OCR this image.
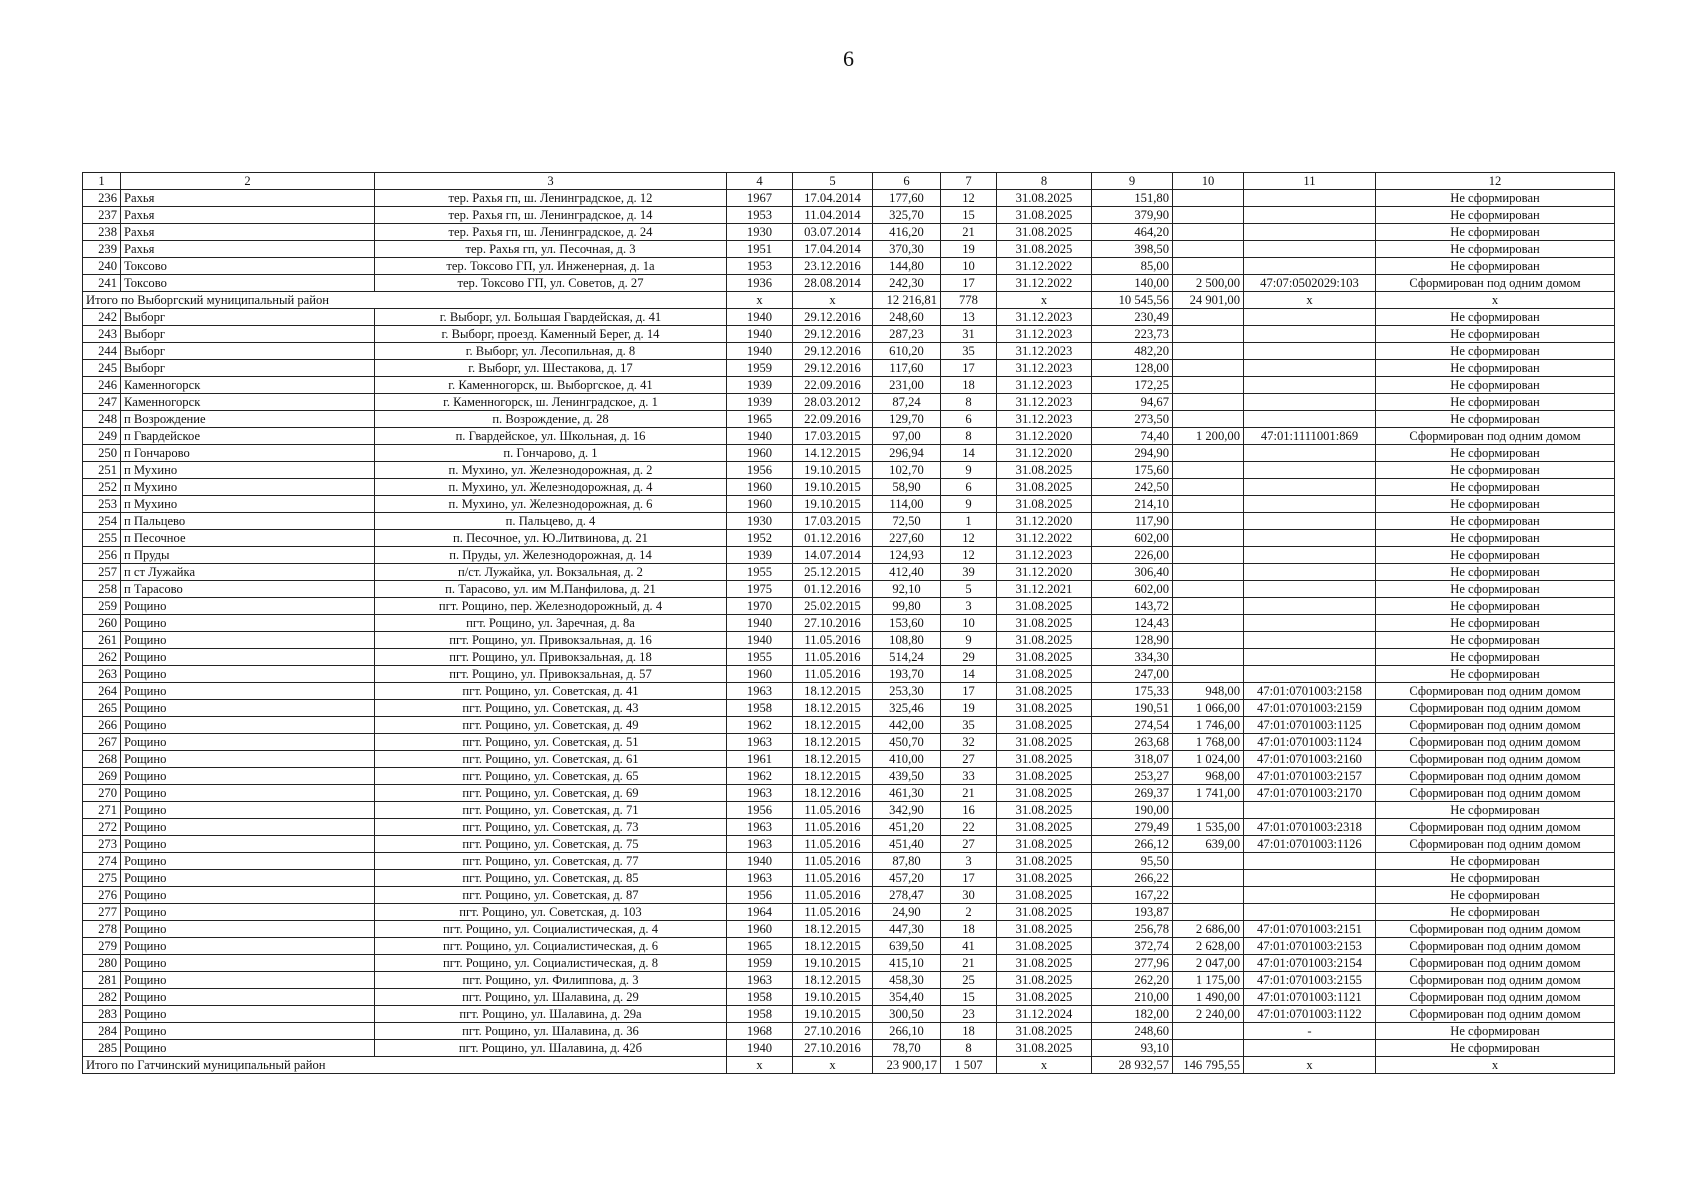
6
1	2	3	4	5	6	7	8	9	10	11	12
236	Рахья	тер. Рахья гп, ш. Ленинградское, д. 12	1967	17.04.2014	177,60	12	31.08.2025	151,80			Не сформирован
237	Рахья	тер. Рахья гп, ш. Ленинградское, д. 14	1953	11.04.2014	325,70	15	31.08.2025	379,90			Не сформирован
238	Рахья	тер. Рахья гп, ш. Ленинградское, д. 24	1930	03.07.2014	416,20	21	31.08.2025	464,20			Не сформирован
239	Рахья	тер. Рахья гп, ул. Песочная, д. 3	1951	17.04.2014	370,30	19	31.08.2025	398,50			Не сформирован
240	Токсово	тер. Токсово ГП, ул. Инженерная, д. 1а	1953	23.12.2016	144,80	10	31.12.2022	85,00			Не сформирован
241	Токсово	тер. Токсово ГП, ул. Советов, д. 27	1936	28.08.2014	242,30	17	31.12.2022	140,00	2 500,00	47:07:0502029:103	Сформирован под одним домом
Итого по Выборгский муниципальный район			x	x	12 216,81	778	x	10 545,56	24 901,00	x	x
242	Выборг	г. Выборг, ул. Большая Гвардейская, д. 41	1940	29.12.2016	248,60	13	31.12.2023	230,49			Не сформирован
243	Выборг	г. Выборг, проезд. Каменный Берег, д. 14	1940	29.12.2016	287,23	31	31.12.2023	223,73			Не сформирован
244	Выборг	г. Выборг, ул. Лесопильная, д. 8	1940	29.12.2016	610,20	35	31.12.2023	482,20			Не сформирован
245	Выборг	г. Выборг, ул. Шестакова, д. 17	1959	29.12.2016	117,60	17	31.12.2023	128,00			Не сформирован
246	Каменногорск	г. Каменногорск, ш. Выборгское, д. 41	1939	22.09.2016	231,00	18	31.12.2023	172,25			Не сформирован
247	Каменногорск	г. Каменногорск, ш. Ленинградское, д. 1	1939	28.03.2012	87,24	8	31.12.2023	94,67			Не сформирован
248	п Возрождение	п. Возрождение, д. 28	1965	22.09.2016	129,70	6	31.12.2023	273,50			Не сформирован
249	п Гвардейское	п. Гвардейское, ул. Школьная, д. 16	1940	17.03.2015	97,00	8	31.12.2020	74,40	1 200,00	47:01:1111001:869	Сформирован под одним домом
250	п Гончарово	п. Гончарово, д. 1	1960	14.12.2015	296,94	14	31.12.2020	294,90			Не сформирован
251	п Мухино	п. Мухино, ул. Железнодорожная, д. 2	1956	19.10.2015	102,70	9	31.08.2025	175,60			Не сформирован
252	п Мухино	п. Мухино, ул. Железнодорожная, д. 4	1960	19.10.2015	58,90	6	31.08.2025	242,50			Не сформирован
253	п Мухино	п. Мухино, ул. Железнодорожная, д. 6	1960	19.10.2015	114,00	9	31.08.2025	214,10			Не сформирован
254	п Пальцево	п. Пальцево, д. 4	1930	17.03.2015	72,50	1	31.12.2020	117,90			Не сформирован
255	п Песочное	п. Песочное, ул. Ю.Литвинова, д. 21	1952	01.12.2016	227,60	12	31.12.2022	602,00			Не сформирован
256	п Пруды	п. Пруды, ул. Железнодорожная, д. 14	1939	14.07.2014	124,93	12	31.12.2023	226,00			Не сформирован
257	п ст Лужайка	п/ст. Лужайка, ул. Вокзальная, д. 2	1955	25.12.2015	412,40	39	31.12.2020	306,40			Не сформирован
258	п Тарасово	п. Тарасово, ул. им М.Панфилова, д. 21	1975	01.12.2016	92,10	5	31.12.2021	602,00			Не сформирован
259	Рощино	пгт. Рощино, пер. Железнодорожный, д. 4	1970	25.02.2015	99,80	3	31.08.2025	143,72			Не сформирован
260	Рощино	пгт. Рощино, ул. Заречная, д. 8а	1940	27.10.2016	153,60	10	31.08.2025	124,43			Не сформирован
261	Рощино	пгт. Рощино, ул. Привокзальная, д. 16	1940	11.05.2016	108,80	9	31.08.2025	128,90			Не сформирован
262	Рощино	пгт. Рощино, ул. Привокзальная, д. 18	1955	11.05.2016	514,24	29	31.08.2025	334,30			Не сформирован
263	Рощино	пгт. Рощино, ул. Привокзальная, д. 57	1960	11.05.2016	193,70	14	31.08.2025	247,00			Не сформирован
264	Рощино	пгт. Рощино, ул. Советская, д. 41	1963	18.12.2015	253,30	17	31.08.2025	175,33	948,00	47:01:0701003:2158	Сформирован под одним домом
265	Рощино	пгт. Рощино, ул. Советская, д. 43	1958	18.12.2015	325,46	19	31.08.2025	190,51	1 066,00	47:01:0701003:2159	Сформирован под одним домом
266	Рощино	пгт. Рощино, ул. Советская, д. 49	1962	18.12.2015	442,00	35	31.08.2025	274,54	1 746,00	47:01:0701003:1125	Сформирован под одним домом
267	Рощино	пгт. Рощино, ул. Советская, д. 51	1963	18.12.2015	450,70	32	31.08.2025	263,68	1 768,00	47:01:0701003:1124	Сформирован под одним домом
268	Рощино	пгт. Рощино, ул. Советская, д. 61	1961	18.12.2015	410,00	27	31.08.2025	318,07	1 024,00	47:01:0701003:2160	Сформирован под одним домом
269	Рощино	пгт. Рощино, ул. Советская, д. 65	1962	18.12.2015	439,50	33	31.08.2025	253,27	968,00	47:01:0701003:2157	Сформирован под одним домом
270	Рощино	пгт. Рощино, ул. Советская, д. 69	1963	18.12.2016	461,30	21	31.08.2025	269,37	1 741,00	47:01:0701003:2170	Сформирован под одним домом
271	Рощино	пгт. Рощино, ул. Советская, д. 71	1956	11.05.2016	342,90	16	31.08.2025	190,00			Не сформирован
272	Рощино	пгт. Рощино, ул. Советская, д. 73	1963	11.05.2016	451,20	22	31.08.2025	279,49	1 535,00	47:01:0701003:2318	Сформирован под одним домом
273	Рощино	пгт. Рощино, ул. Советская, д. 75	1963	11.05.2016	451,40	27	31.08.2025	266,12	639,00	47:01:0701003:1126	Сформирован под одним домом
274	Рощино	пгт. Рощино, ул. Советская, д. 77	1940	11.05.2016	87,80	3	31.08.2025	95,50			Не сформирован
275	Рощино	пгт. Рощино, ул. Советская, д. 85	1963	11.05.2016	457,20	17	31.08.2025	266,22			Не сформирован
276	Рощино	пгт. Рощино, ул. Советская, д. 87	1956	11.05.2016	278,47	30	31.08.2025	167,22			Не сформирован
277	Рощино	пгт. Рощино, ул. Советская, д. 103	1964	11.05.2016	24,90	2	31.08.2025	193,87			Не сформирован
278	Рощино	пгт. Рощино, ул. Социалистическая, д. 4	1960	18.12.2015	447,30	18	31.08.2025	256,78	2 686,00	47:01:0701003:2151	Сформирован под одним домом
279	Рощино	пгт. Рощино, ул. Социалистическая, д. 6	1965	18.12.2015	639,50	41	31.08.2025	372,74	2 628,00	47:01:0701003:2153	Сформирован под одним домом
280	Рощино	пгт. Рощино, ул. Социалистическая, д. 8	1959	19.10.2015	415,10	21	31.08.2025	277,96	2 047,00	47:01:0701003:2154	Сформирован под одним домом
281	Рощино	пгт. Рощино, ул. Филиппова, д. 3	1963	18.12.2015	458,30	25	31.08.2025	262,20	1 175,00	47:01:0701003:2155	Сформирован под одним домом
282	Рощино	пгт. Рощино, ул. Шалавина, д. 29	1958	19.10.2015	354,40	15	31.08.2025	210,00	1 490,00	47:01:0701003:1121	Сформирован под одним домом
283	Рощино	пгт. Рощино, ул. Шалавина, д. 29а	1958	19.10.2015	300,50	23	31.12.2024	182,00	2 240,00	47:01:0701003:1122	Сформирован под одним домом
284	Рощино	пгт. Рощино, ул. Шалавина, д. 36	1968	27.10.2016	266,10	18	31.08.2025	248,60		-	Не сформирован
285	Рощино	пгт. Рощино, ул. Шалавина, д. 42б	1940	27.10.2016	78,70	8	31.08.2025	93,10			Не сформирован
Итого по Гатчинский муниципальный район			x	x	23 900,17	1 507	x	28 932,57	146 795,55	x	x
